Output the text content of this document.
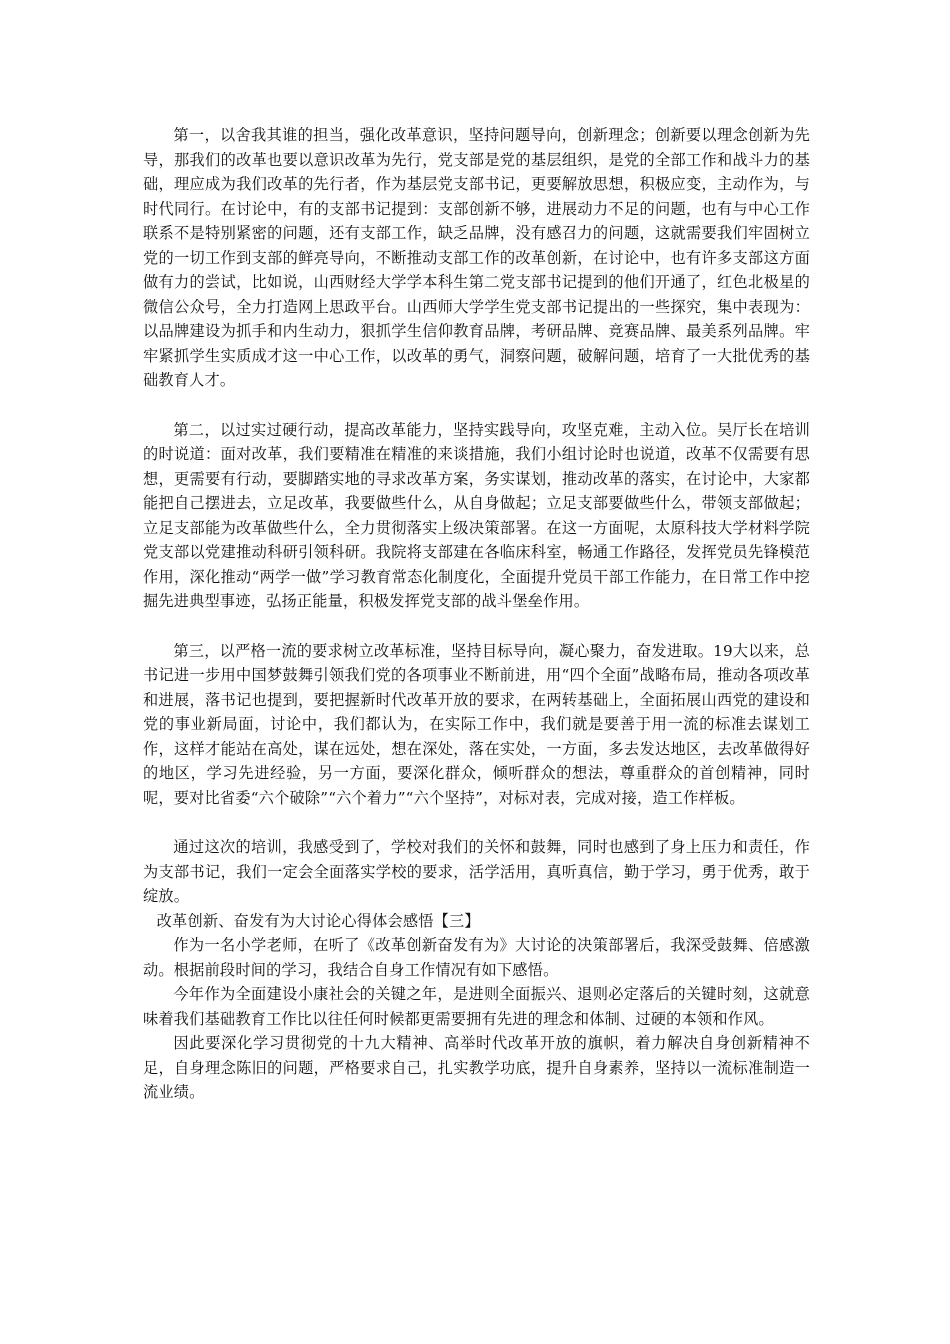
第一，以舍我其谁的担当，强化改革意识，坚持问题导向，创新理念；创新要以理念创新为先导，那我们的改革也要以意识改革为先行，党支部是党的基层组织，是党的全部工作和战斗力的基础，理应成为我们改革的先行者，作为基层党支部书记，更要解放思想，积极应变，主动作为，与时代同行。在讨论中，有的支部书记提到：支部创新不够，进展动力不足的问题，也有与中心工作联系不是特别紧密的问题，还有支部工作，缺乏品牌，没有感召力的问题，这就需要我们牢固树立党的一切工作到支部的鲜亮导向，不断推动支部工作的改革创新，在讨论中，也有许多支部这方面做有力的尝试，比如说，山西财经大学学本科生第二党支部书记提到的他们开通了，红色北极星的微信公众号，全力打造网上思政平台。山西师大学学生党支部书记提出的一些探究，集中表现为：以品牌建设为抓手和内生动力，狠抓学生信仰教育品牌，考研品牌、竞赛品牌、最美系列品牌。牢牢紧抓学生实质成才这一中心工作，以改革的勇气，洞察问题，破解问题，培育了一大批优秀的基础教育人才。

第二，以过实过硬行动，提高改革能力，坚持实践导向，攻坚克难，主动入位。吴厅长在培训的时说道：面对改革，我们要精准在精准的来谈措施，我们小组讨论时也说道，改革不仅需要有思想，更需要有行动，要脚踏实地的寻求改革方案，务实谋划，推动改革的落实，在讨论中，大家都能把自己摆进去，立足改革，我要做些什么，从自身做起；立足支部要做些什么，带领支部做起；立足支部能为改革做些什么，全力贯彻落实上级决策部署。在这一方面呢，太原科技大学材料学院党支部以党建推动科研引领科研。我院将支部建在各临床科室，畅通工作路径，发挥党员先锋模范作用，深化推动“两学一做”学习教育常态化制度化，全面提升党员干部工作能力，在日常工作中挖掘先进典型事迹，弘扬正能量，积极发挥党支部的战斗堡垒作用。

第三，以严格一流的要求树立改革标准，坚持目标导向，凝心聚力，奋发进取。19大以来，总书记进一步用中国梦鼓舞引领我们党的各项事业不断前进，用“四个全面”战略布局，推动各项改革和进展，落书记也提到，要把握新时代改革开放的要求，在两转基础上，全面拓展山西党的建设和党的事业新局面，讨论中，我们都认为，在实际工作中，我们就是要善于用一流的标准去谋划工作，这样才能站在高处，谋在远处，想在深处，落在实处，一方面，多去发达地区，去改革做得好的地区，学习先进经验，另一方面，要深化群众，倾听群众的想法，尊重群众的首创精神，同时呢，要对比省委“六个破除”“六个着力”“六个坚持”，对标对表，完成对接，造工作样板。

通过这次的培训，我感受到了，学校对我们的关怀和鼓舞，同时也感到了身上压力和责任，作为支部书记，我们一定会全面落实学校的要求，活学活用，真听真信，勤于学习，勇于优秀，敢于绽放。

改革创新、奋发有为大讨论心得体会感悟【三】

作为一名小学老师，在听了《改革创新奋发有为》大讨论的决策部署后，我深受鼓舞、倍感激动。根据前段时间的学习，我结合自身工作情况有如下感悟。

今年作为全面建设小康社会的关键之年，是进则全面振兴、退则必定落后的关键时刻，这就意味着我们基础教育工作比以往任何时候都更需要拥有先进的理念和体制、过硬的本领和作风。

因此要深化学习贯彻党的十九大精神、高举时代改革开放的旗帜，着力解决自身创新精神不足，自身理念陈旧的问题，严格要求自己，扎实教学功底，提升自身素养，坚持以一流标准制造一流业绩。
